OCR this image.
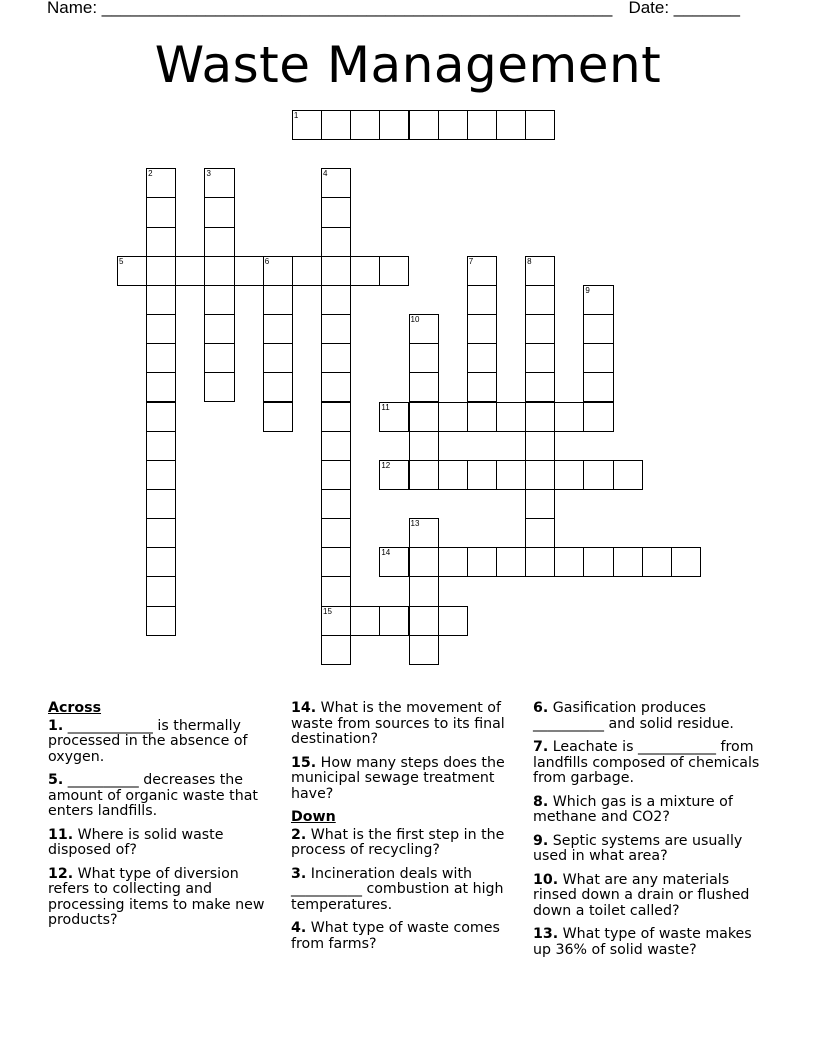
Name: ______________________________________________________ Date: _______
Waste Management
1
2	3	4
5	6	7	8
9
10
11
12
13
14
15
Across
1. ____________ is thermally processed in the absence of oxygen.
5. __________ decreases the amount of organic waste that enters landfills.
11. Where is solid waste disposed of?
12. What type of diversion refers to collecting and processing items to make new products?
14. What is the movement of waste from sources to its final destination?
15. How many steps does the municipal sewage treatment have?
Down
2. What is the first step in the process of recycling?
3. Incineration deals with __________ combustion at high temperatures.
4. What type of waste comes from farms?
6. Gasification produces __________ and solid residue.
7. Leachate is ___________ from landfills composed of chemicals from garbage.
8. Which gas is a mixture of methane and CO2?
9. Septic systems are usually used in what area?
10. What are any materials rinsed down a drain or flushed down a toilet called?
13. What type of waste makes up 36% of solid waste?
